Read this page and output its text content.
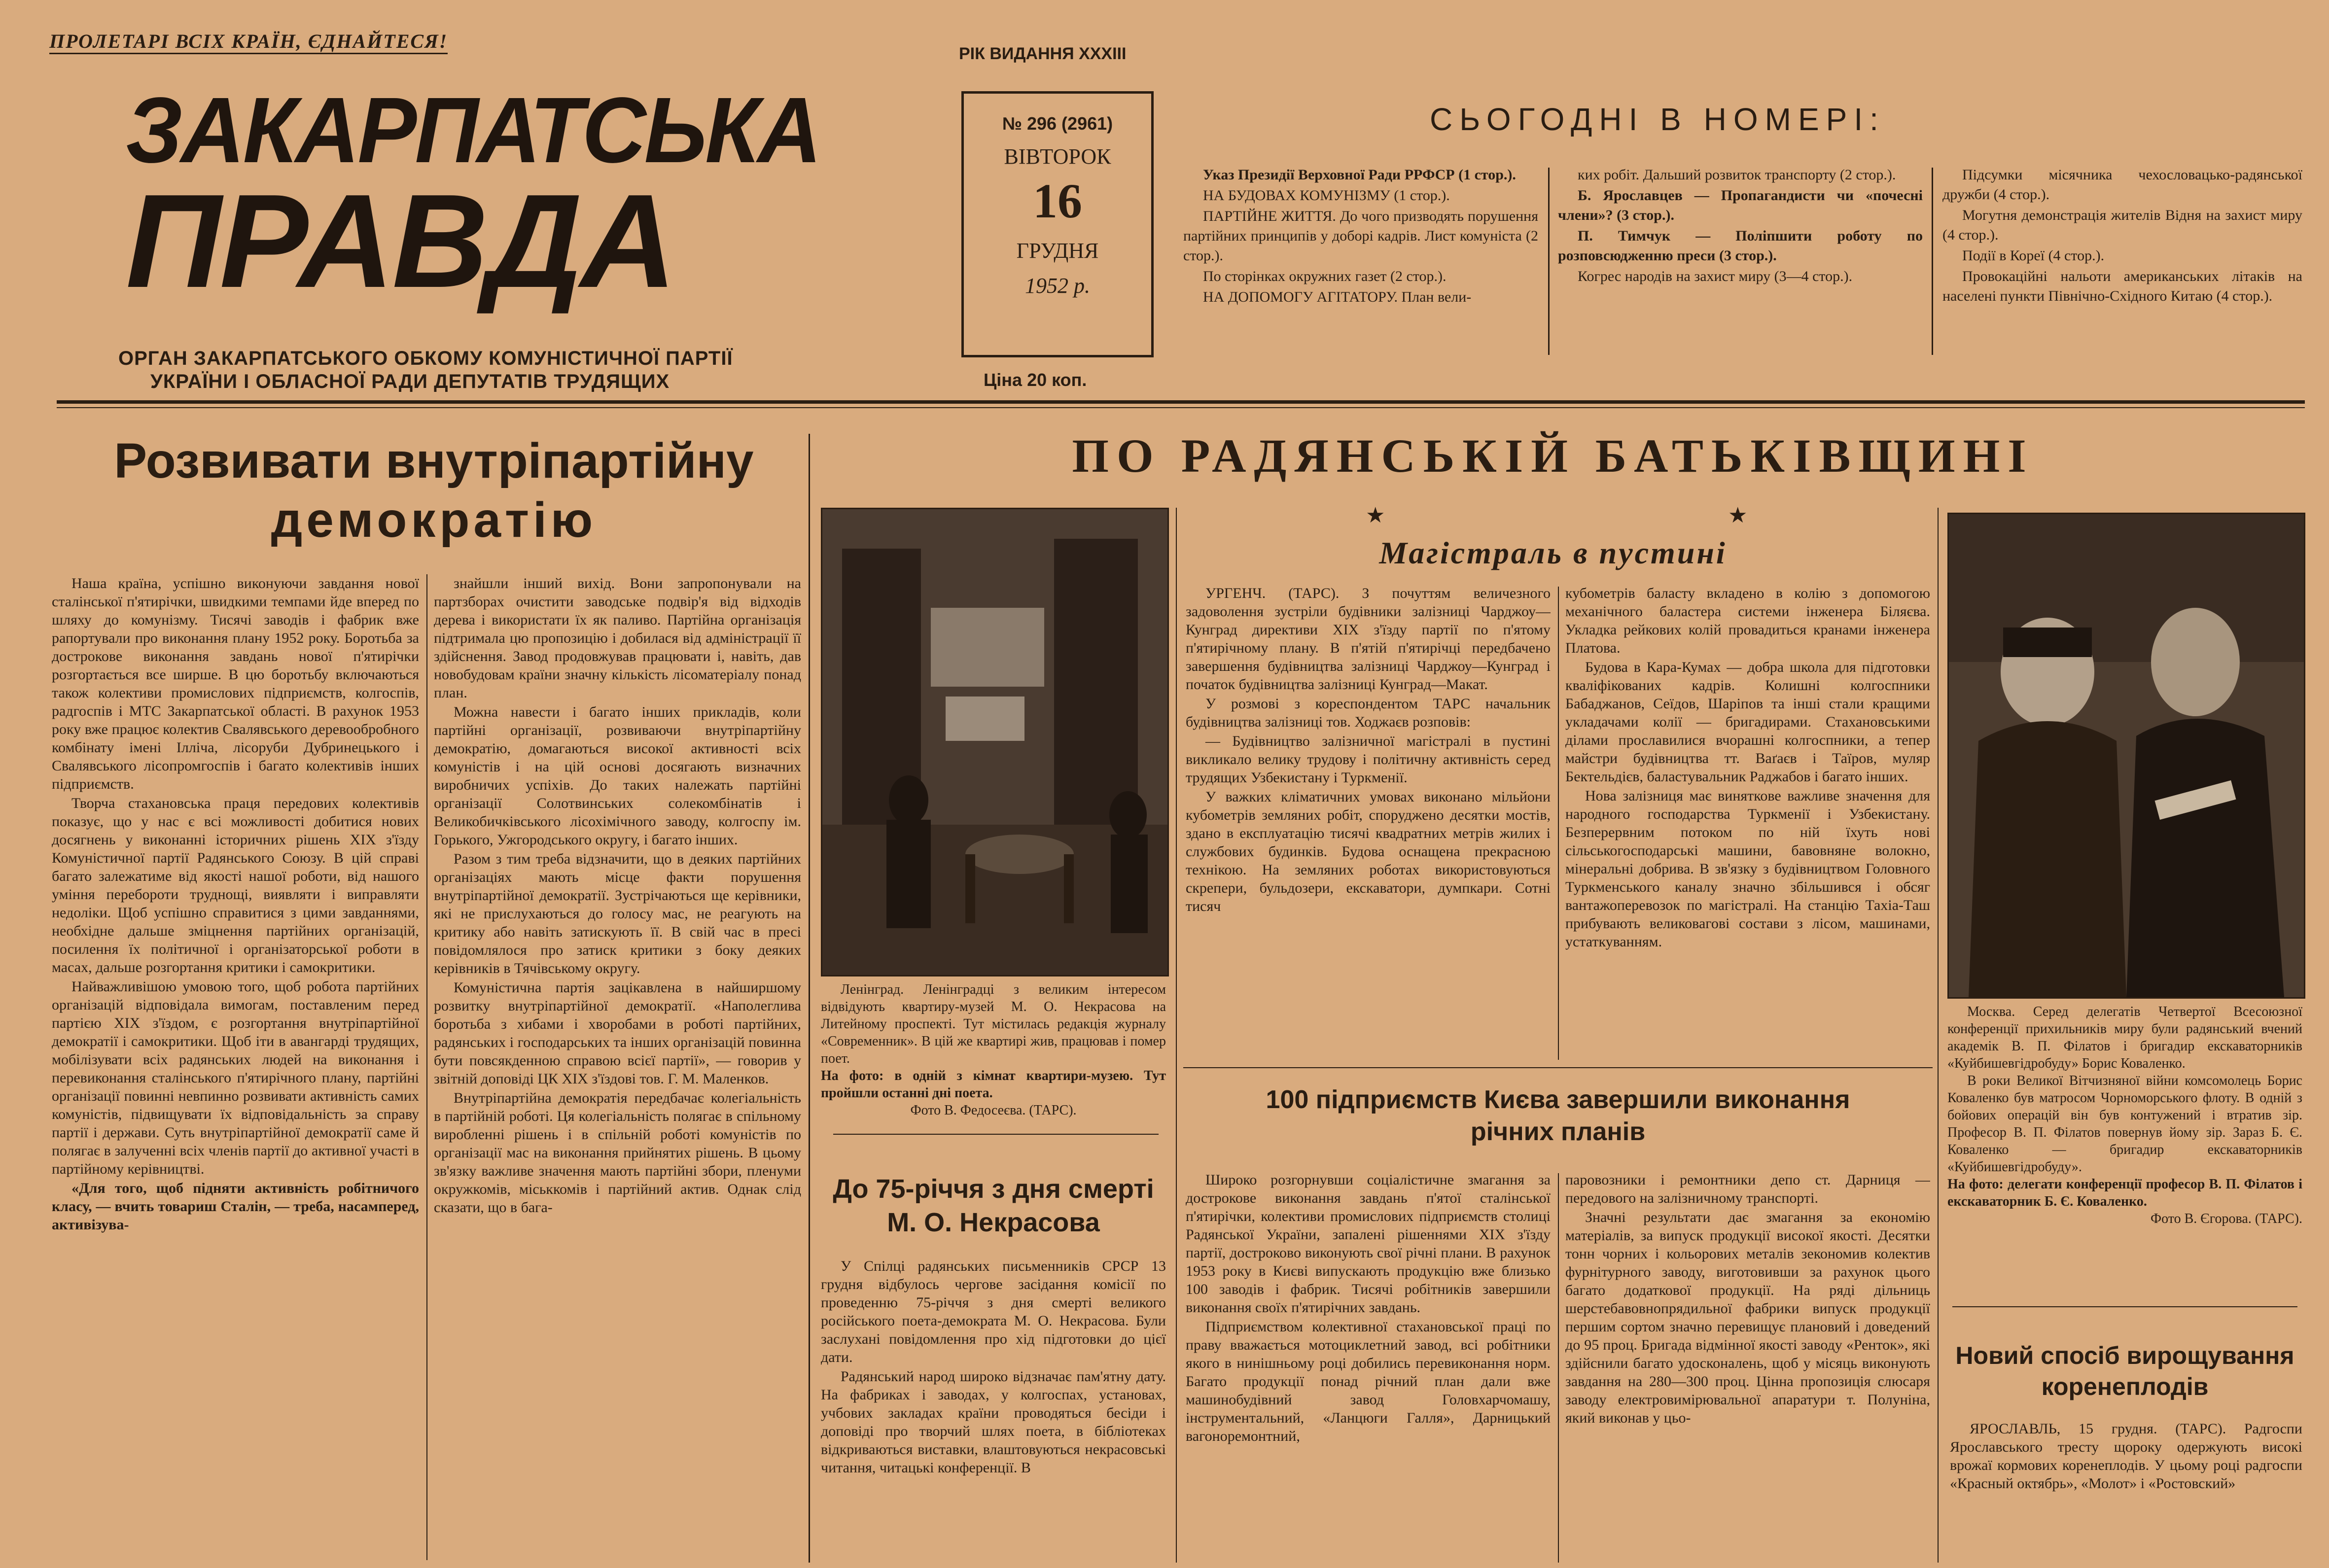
ПРОЛЕТАРІ ВСІХ КРАЇН, ЄДНАЙТЕСЯ!
ЗАКАРПАТСЬКА
ПРАВДА
ОРГАН ЗАКАРПАТСЬКОГО ОБКОМУ КОМУНІСТИЧНОЇ ПАРТІЇ
УКРАЇНИ І ОБЛАСНОЇ РАДИ ДЕПУТАТІВ ТРУДЯЩИХ
РІК ВИДАННЯ XXXIII
№ 296 (2961)
ВІВТОРОК
16
ГРУДНЯ
1952 р.
Ціна 20 коп.
СЬОГОДНІ В НОМЕРІ:

Указ Президії Верховної Ради РРФСР (1 стор.).

НА БУДОВАХ КОМУНІЗМУ (1 стор.).

ПАРТІЙНЕ ЖИТТЯ. До чого призводять порушення партійних принципів у доборі кадрів. Лист комуніста (2 стор.).

По сторінках окружних газет (2 стор.).

НА ДОПОМОГУ АГІТАТОРУ. План вели-

ких робіт. Дальший розвиток транспорту (2 стор.).

Б. Ярославцев — Пропагандисти чи «почесні члени»? (3 стор.).

П. Тимчук — Поліпшити роботу по розповсюдженню преси (3 стор.).

Когрес народів на захист миру (3—4 стор.).

Підсумки місячника чехословацько-радянської дружби (4 стор.).

Могутня демонстрація жителів Відня на захист миру (4 стор.).

Події в Кореї (4 стор.).

Провокаційні нальоти американських літаків на населені пункти Північно-Східного Китаю (4 стор.).

Розвивати внутріпартійну
демократію

Наша країна, успішно виконуючи завдання нової сталінської п'ятирічки, швидкими темпами йде вперед по шляху до комунізму. Тисячі заводів і фабрик вже рапортували про виконання плану 1952 року. Боротьба за дострокове виконання завдань нової п'ятирічки розгортається все ширше. В цю боротьбу включаються також колективи промислових підприємств, колгоспів, радгоспів і МТС Закарпатської області. В рахунок 1953 року вже працює колектив Свалявського деревообробного комбінату імені Ілліча, лісоруби Дубринецького і Свалявського лісопромгоспів і багато колективів інших підприємств.

Творча стахановська праця передових колективів показує, що у нас є всі можливості добитися нових досягнень у виконанні історичних рішень XIX з'їзду Комуністичної партії Радянського Союзу. В цій справі багато залежатиме від якості нашої роботи, від нашого уміння перебороти труднощі, виявляти і виправляти недоліки. Щоб успішно справитися з цими завданнями, необхідне дальше зміцнення партійних організацій, посилення їх політичної і організаторської роботи в масах, дальше розгортання критики і самокритики.

Найважливішою умовою того, щоб робота партійних організацій відповідала вимогам, поставленим перед партією XIX з'їздом, є розгортання внутріпартійної демократії і самокритики. Щоб іти в авангарді трудящих, мобілізувати всіх радянських людей на виконання і перевиконання сталінського п'ятирічного плану, партійні організації повинні невпинно розвивати активність самих комуністів, підвищувати їх відповідальність за справу партії і держави. Суть внутріпартійної демократії саме й полягає в залученні всіх членів партії до активної участі в партійному керівництві.

«Для того, щоб підняти активність робітничого класу, — вчить товариш Сталін, — треба, насамперед, активізува-

знайшли інший вихід. Вони запропонували на партзборах очистити заводське подвір'я від відходів дерева і використати їх як паливо. Партійна організація підтримала цю пропозицію і добилася від адміністрації її здійснення. Завод продовжував працювати і, навіть, дав новобудовам країни значну кількість лісоматеріалу понад план.

Можна навести і багато інших прикладів, коли партійні організації, розвиваючи внутріпартійну демократію, домагаються високої активності всіх комуністів і на цій основі досягають визначних виробничих успіхів. До таких належать партійні організації Солотвинських солекомбінатів і Великобичківського лісохімічного заводу, колгоспу ім. Горького, Ужгородського округу, і багато інших.

Разом з тим треба відзначити, що в деяких партійних організаціях мають місце факти порушення внутріпартійної демократії. Зустрічаються ще керівники, які не прислухаються до голосу мас, не реагують на критику або навіть затискують її. В свій час в пресі повідомлялося про затиск критики з боку деяких керівників в Тячівському округу.

Комуністична партія зацікавлена в найширшому розвитку внутріпартійної демократії. «Наполеглива боротьба з хибами і хворобами в роботі партійних, радянських і господарських та інших організацій повинна бути повсякденною справою всієї партії», — говорив у звітній доповіді ЦК XIX з'їздові тов. Г. М. Маленков.

Внутріпартійна демократія передбачає колегіальність в партійній роботі. Ця колегіальність полягає в спільному виробленні рішень і в спільній роботі комуністів по організації мас на виконання прийнятих рішень. В цьому зв'язку важливе значення мають партійні збори, пленуми окружкомів, міськкомів і партійний актив. Однак слід сказати, що в бага-

ПО РАДЯНСЬКІЙ БАТЬКІВЩИНІ
★	★

Ленінград. Ленінградці з великим інтересом відвідують квартиру-музей М. О. Некрасова на Литейному проспекті. Тут містилась редакція журналу «Современник». В цій же квартирі жив, працював і помер поет.

На фото: в одній з кімнат квартири-музею. Тут пройшли останні дні поета.

Фото В. Федосеєва. (ТАРС).

До 75-річчя з дня смерті
М. О. Некрасова

У Спілці радянських письменників СРСР 13 грудня відбулось чергове засідання комісії по проведенню 75-річчя з дня смерті великого російського поета-демократа М. О. Некрасова. Були заслухані повідомлення про хід підготовки до цієї дати.

Радянський народ широко відзначає пам'ятну дату. На фабриках і заводах, у колгоспах, установах, учбових закладах країни проводяться бесіди і доповіді про творчий шлях поета, в бібліотеках відкриваються виставки, влаштовуються некрасовські читання, читацькі конференції. В

Магістраль в пустині

УРГЕНЧ. (ТАРС). З почуттям величезного задоволення зустріли будівники залізниці Чарджоу—Кунград директиви XIX з'їзду партії по п'ятому п'ятирічному плану. В п'ятій п'ятирічці передбачено завершення будівництва залізниці Чарджоу—Кунград і початок будівництва залізниці Кунград—Макат.

У розмові з кореспондентом ТАРС начальник будівництва залізниці тов. Ходжаєв розповів:

— Будівництво залізничної магістралі в пустині викликало велику трудову і політичну активність серед трудящих Узбекистану і Туркменії.

У важких кліматичних умовах виконано мільйони кубометрів земляних робіт, споруджено десятки мостів, здано в експлуатацію тисячі квадратних метрів жилих і службових будинків. Будова оснащена прекрасною технікою. На земляних роботах використовуються скрепери, бульдозери, екскаватори, думпкари. Сотні тисяч

кубометрів баласту вкладено в колію з допомогою механічного баластера системи інженера Біляєва. Укладка рейкових колій провадиться кранами інженера Платова.

Будова в Кара-Кумах — добра школа для підготовки кваліфікованих кадрів. Колишні колгоспники Бабаджанов, Сеїдов, Шаріпов та інші стали кращими укладачами колії — бригадирами. Стахановськими ділами прославилися вчорашні колгоспники, а тепер майстри будівництва тт. Ваґаєв і Таїров, муляр Бектельдієв, баластувальник Раджабов і багато інших.

Нова залізниця має виняткове важливе значення для народного господарства Туркменії і Узбекистану. Безперервним потоком по ній їхуть нові сільськогосподарські машини, бавовняне волокно, мінеральні добрива. В зв'язку з будівництвом Головного Туркменського каналу значно збільшився і обсяг вантажоперевозок по магістралі. На станцію Тахіа-Таш прибувають великовагові состави з лісом, машинами, устаткуванням.

100 підприємств Києва завершили виконання
річних планів

Широко розгорнувши соціалістичне змагання за дострокове виконання завдань п'ятої сталінської п'ятирічки, колективи промислових підприємств столиці Радянської України, запалені рішеннями XIX з'їзду партії, достроково виконують свої річні плани. В рахунок 1953 року в Києві випускають продукцію вже близько 100 заводів і фабрик. Тисячі робітників завершили виконання своїх п'ятирічних завдань.

Підприємством колективної стахановської праці по праву вважається мотоциклетний завод, всі робітники якого в нинішньому році добились перевиконання норм. Багато продукції понад річний план дали вже машинобудівний завод Головхарчомашу, інструментальний, «Ланцюги Галля», Дарницький вагоноремонтний,

паровозники і ремонтники депо ст. Дарниця — передового на залізничному транспорті.

Значні результати дає змагання за економію матеріалів, за випуск продукції високої якості. Десятки тонн чорних і кольорових металів зекономив колектив фурнітурного заводу, виготовивши за рахунок цього багато додаткової продукції. На ряді дільниць шерстебавовнопрядильної фабрики випуск продукції першим сортом значно перевищує плановий і доведений до 95 проц. Бригада відмінної якості заводу «Ренток», які здійснили багато удосконалень, щоб у місяць виконують завдання на 280—300 проц. Цінна пропозиція слюсаря заводу електровимірювальної апаратури т. Полуніна, який виконав у цьо-

Москва. Серед делегатів Четвертої Всесоюзної конференції прихильників миру були радянський вчений академік В. П. Філатов і бригадир екскаваторників «Куйбишевгідробуду» Борис Коваленко.

В роки Великої Вітчизняної війни комсомолець Борис Коваленко був матросом Чорноморського флоту. В одній з бойових операцій він був контужений і втратив зір. Професор В. П. Філатов повернув йому зір. Зараз Б. Є. Коваленко — бригадир екскаваторників «Куйбишевгідробуду».

На фото: делегати конференції професор В. П. Філатов і екскаваторник Б. Є. Коваленко.

Фото В. Єгорова. (ТАРС).

Новий спосіб вирощування
коренеплодів

ЯРОСЛАВЛЬ, 15 грудня. (ТАРС). Радгоспи Ярославського тресту щороку одержують високі врожаї кормових коренеплодів. У цьому році радгоспи «Красный октябрь», «Молот» і «Ростовский»
